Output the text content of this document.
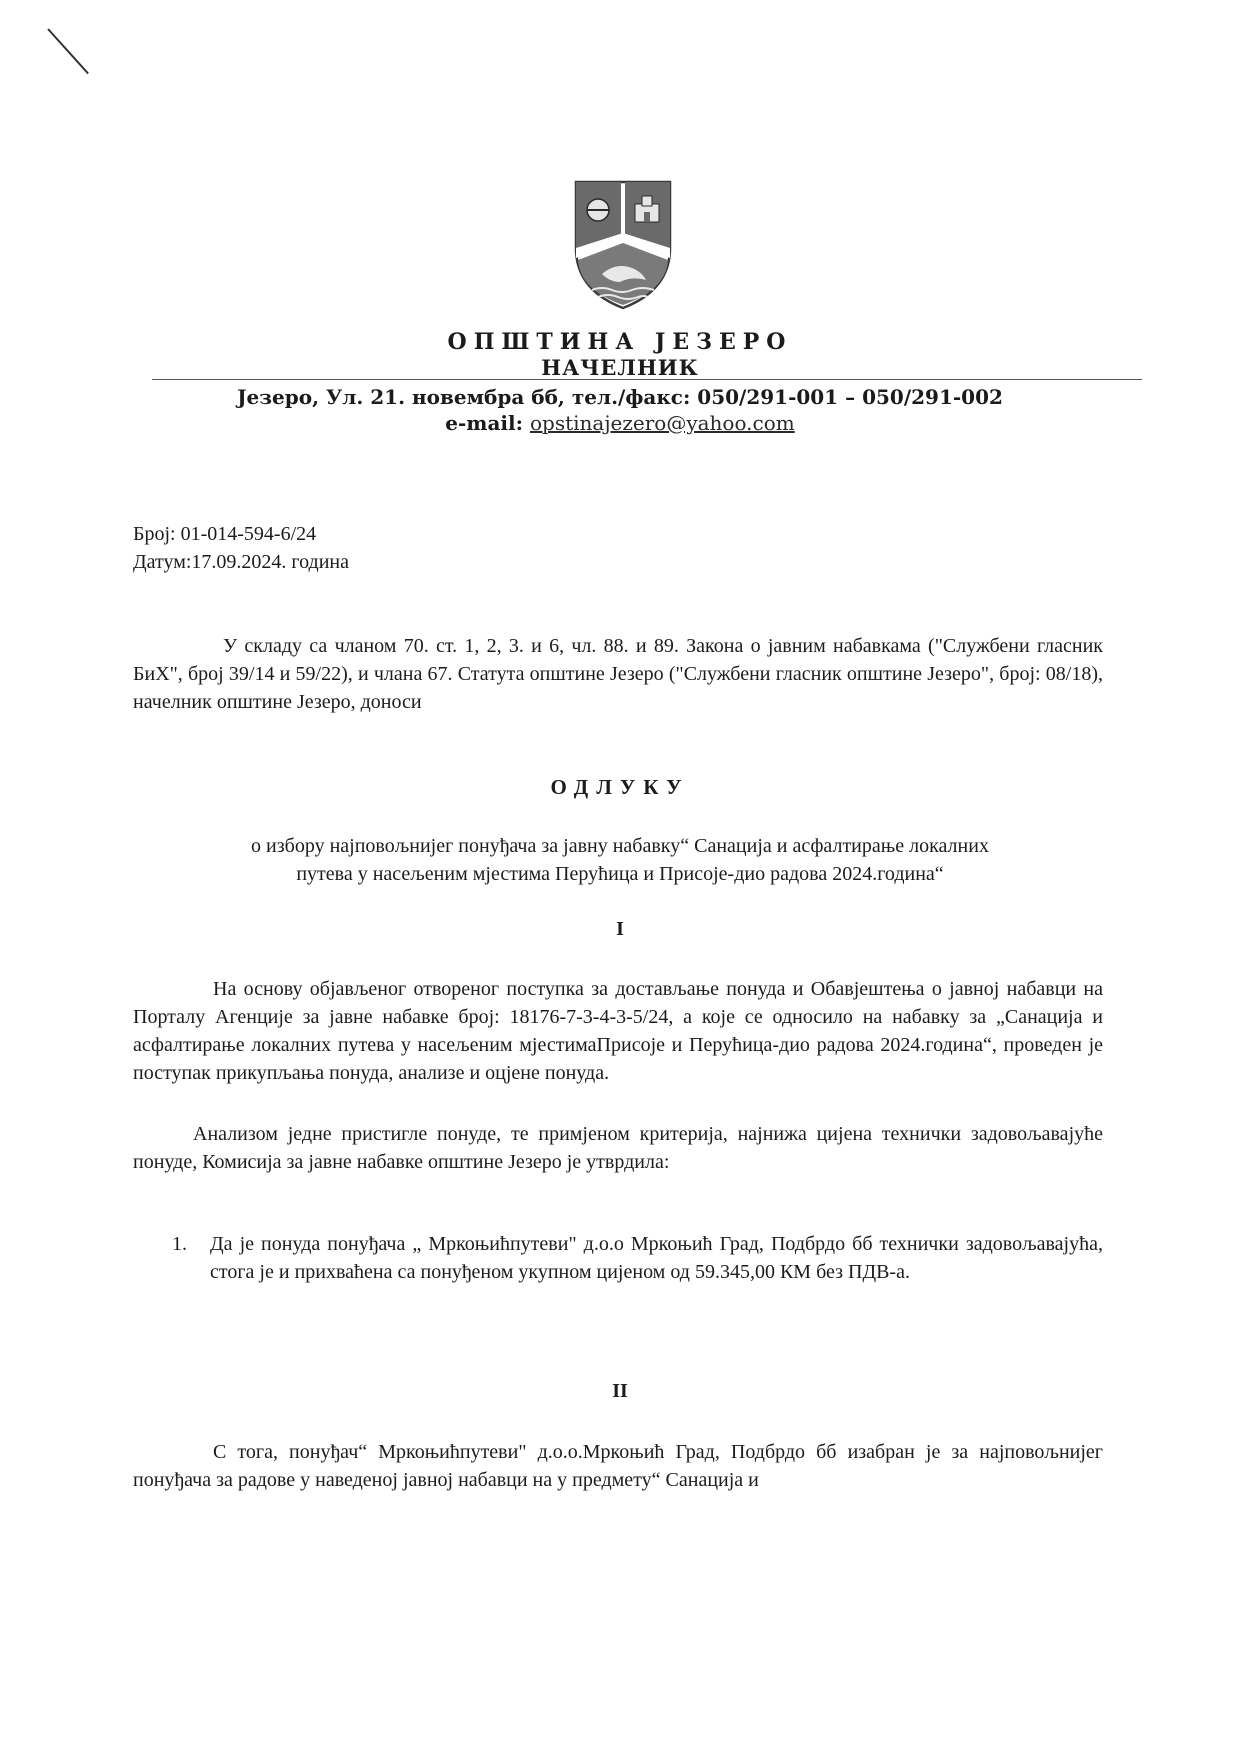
ОПШТИНА ЈЕЗЕРО
НАЧЕЛНИК
Језеро, Ул. 21. новембра бб, тел./факс: 050/291-001 – 050/291-002
e-mail: opstinajezero@yahoo.com
Број: 01-014-594-6/24
Датум:17.09.2024. година
У складу са чланом 70. ст. 1, 2, 3. и 6, чл. 88. и 89. Закона о јавним набавкама ("Службени гласник БиХ", број 39/14 и 59/22), и члана 67. Статута општине Језеро ("Службени гласник општине Језеро", број: 08/18), начелник општине Језеро, доноси
ОДЛУКУ
о избору најповољнијег понуђача за јавну набавку“ Санација и асфалтирање локалних
путева у насељеним мјестима Перућица и Присоје-дио радова 2024.година“
I
На основу објављеног отвореног поступка за достављање понуда и Обавјештења о јавној набавци на Порталу Агенције за јавне набавке број: 18176-7-3-4-3-5/24, а које се односило на набавку за „Санација и асфалтирање локалних путева у насељеним мјестимаПрисоје и Перућица-дио радова 2024.година“, проведен је поступак прикупљања понуда, анализе и оцјене понуда.
Анализом једне пристигле понуде, те примјеном критерија, најнижа цијена технички задовољавајуће понуде, Комисија за јавне набавке општине Језеро је утврдила:
1. Да је понуда понуђача „ Мркоњићпутеви" д.о.о Мркоњић Град, Подбрдо бб технички задовољавајућа, стога је и прихваћена са понуђеном укупном цијеном од 59.345,00 КМ без ПДВ-а.
II
С тога, понуђач“ Мркоњићпутеви" д.о.о.Мркоњић Град, Подбрдо бб изабран је за најповољнијег понуђача за радове у наведеној јавној набавци на у предмету“ Санација и
